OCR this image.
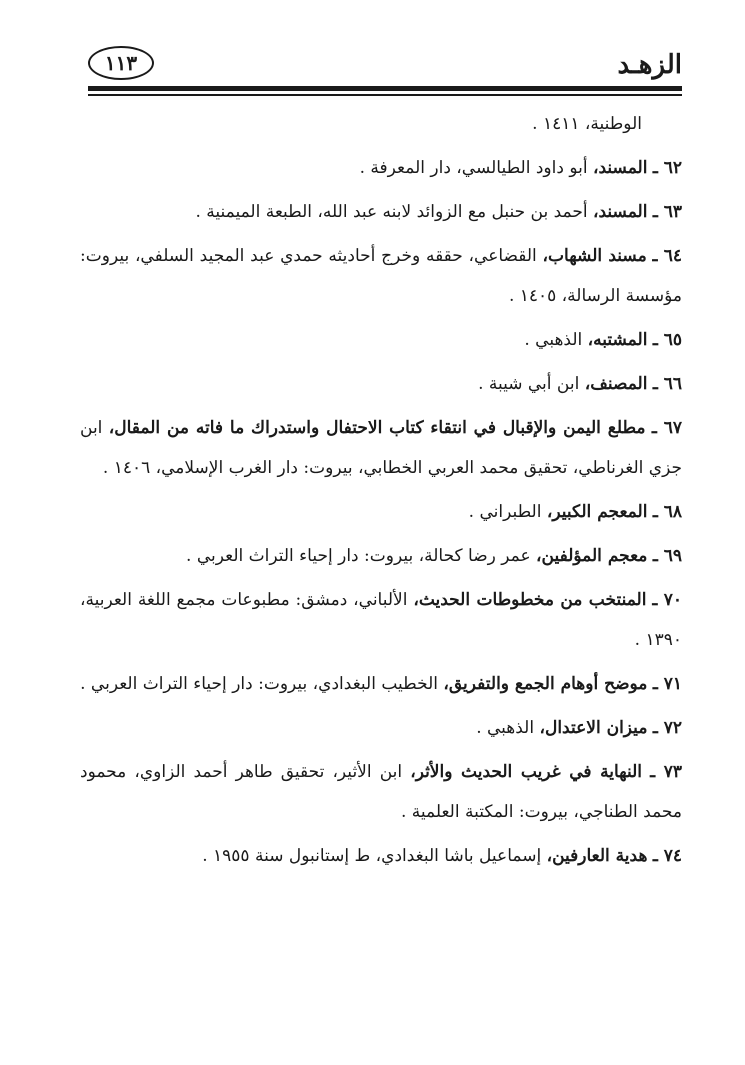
١١٣	الزهـد
الوطنية، ١٤١١ .
٦٢ ـ المسند، أبو داود الطيالسي، دار المعرفة .
٦٣ ـ المسند، أحمد بن حنبل مع الزوائد لابنه عبد الله، الطبعة الميمنية .
٦٤ ـ مسند الشهاب، القضاعي، حققه وخرج أحاديثه حمدي عبد المجيد السلفي، بيروت: مؤسسة الرسالة، ١٤٠٥ .
٦٥ ـ المشتبه، الذهبي .
٦٦ ـ المصنف، ابن أبي شيبة .
٦٧ ـ مطلع اليمن والإقبال في انتقاء كتاب الاحتفال واستدراك ما فاته من المقال، ابن جزي الغرناطي، تحقيق محمد العربي الخطابي، بيروت: دار الغرب الإسلامي، ١٤٠٦ .
٦٨ ـ المعجم الكبير، الطبراني .
٦٩ ـ معجم المؤلفين، عمر رضا كحالة، بيروت: دار إحياء التراث العربي .
٧٠ ـ المنتخب من مخطوطات الحديث، الألباني، دمشق: مطبوعات مجمع اللغة العربية، ١٣٩٠ .
٧١ ـ موضح أوهام الجمع والتفريق، الخطيب البغدادي، بيروت: دار إحياء التراث العربي .
٧٢ ـ ميزان الاعتدال، الذهبي .
٧٣ ـ النهاية في غريب الحديث والأثر، ابن الأثير، تحقيق طاهر أحمد الزاوي، محمود محمد الطناجي، بيروت: المكتبة العلمية .
٧٤ ـ هدية العارفين، إسماعيل باشا البغدادي، ط إستانبول سنة ١٩٥٥ .
